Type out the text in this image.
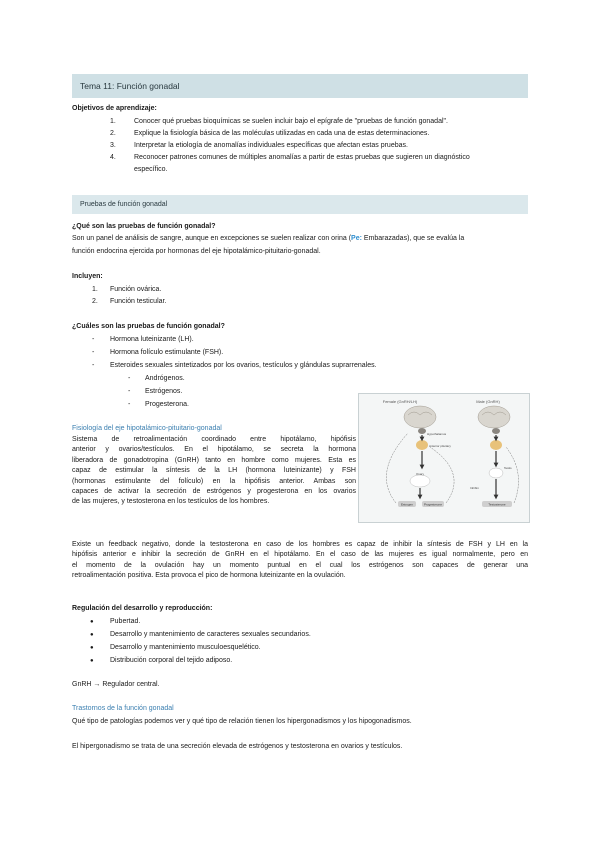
Tema 11: Función gonadal
Objetivos de aprendizaje:
1.	Conocer qué pruebas bioquímicas se suelen incluir bajo el epígrafe de "pruebas de función gonadal".
2.	Explique la fisiología básica de las moléculas utilizadas en cada una de estas determinaciones.
3.	Interpretar la etiología de anomalías individuales específicas que afectan estas pruebas.
4.	Reconocer patrones comunes de múltiples anomalías a partir de estas pruebas que sugieren un diagnóstico
específico.
Pruebas de función gonadal
¿Qué son las pruebas de función gonadal?
Son un panel de análisis de sangre, aunque en excepciones se suelen realizar con orina (Pe: Embarazadas), que se evalúa la
función endocrina ejercida por hormonas del eje hipotalámico-pituitario-gonadal.
Incluyen:
1. Función ovárica.
2. Función testicular.
¿Cuáles son las pruebas de función gonadal?
- Hormona luteinizante (LH).
- Hormona folículo estimulante (FSH).
- Esteroides sexuales sintetizados por los ovarios, testículos y glándulas suprarrenales.
- Andrógenos.
- Estrógenos.
- Progesterona.
Fisiología del eje hipotalámico-pituitario-gonadal
Sistema de retroalimentación coordinado entre hipotálamo, hipófisis
anterior y ovarios/testículos. En el hipotálamo, se secreta la hormona
liberadora de gonadotropina (GnRH) tanto en hombre como mujeres. Esta es
capaz de estimular la síntesis de la LH (hormona luteinizante) y FSH
(hormonas estimulante del folículo) en la hipófisis anterior. Ambas son
capaces de activar la secreción de estrógenos y progesterona en los ovarios
de las mujeres, y testosterona en los testículos de los hombres.
Female (GnRH/LH)	Male (GnRH)
Hypothalamus
Anterior pituitary
Ovary
Estrogen	Progesterone
Testis
Testosterone
Inhibin
Existe un feedback negativo, donde la testosterona en caso de los hombres es capaz de inhibir la síntesis de FSH y LH en la
hipófisis anterior e inhibir la secreción de GnRH en el hipotálamo. En el caso de las mujeres es igual normalmente, pero en
el momento de la ovulación hay un momento puntual en el cual los estrógenos son capaces de generar una
retroalimentación positiva. Esta provoca el pico de hormona luteinizante en la ovulación.
Regulación del desarrollo y reproducción:
● Pubertad.
● Desarrollo y mantenimiento de caracteres sexuales secundarios.
● Desarrollo y mantenimiento musculoesquelético.
● Distribución corporal del tejido adiposo.
GnRH → Regulador central.
Trastornos de la función gonadal
Qué tipo de patologías podemos ver y qué tipo de relación tienen los hipergonadismos y los hipogonadismos.
El hipergonadismo se trata de una secreción elevada de estrógenos y testosterona en ovarios y testículos.
